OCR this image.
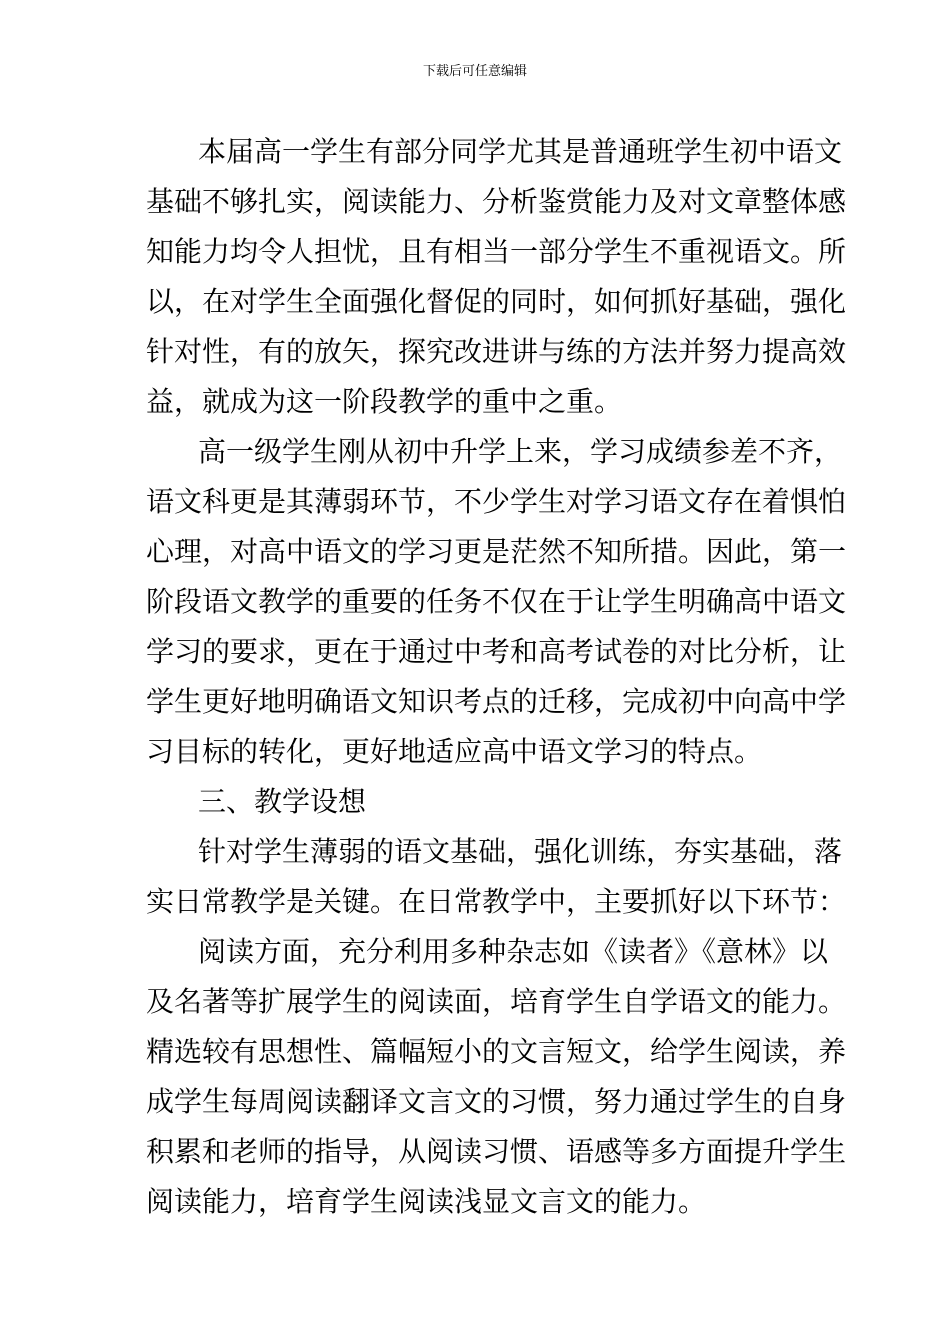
下载后可任意编辑
本届高一学生有部分同学尤其是普通班学生初中语文
基础不够扎实，阅读能力、分析鉴赏能力及对文章整体感
知能力均令人担忧，且有相当一部分学生不重视语文。所
以，在对学生全面强化督促的同时，如何抓好基础，强化
针对性，有的放矢，探究改进讲与练的方法并努力提高效
益，就成为这一阶段教学的重中之重。
高一级学生刚从初中升学上来，学习成绩参差不齐，
语文科更是其薄弱环节，不少学生对学习语文存在着惧怕
心理，对高中语文的学习更是茫然不知所措。因此，第一
阶段语文教学的重要的任务不仅在于让学生明确高中语文
学习的要求，更在于通过中考和高考试卷的对比分析，让
学生更好地明确语文知识考点的迁移，完成初中向高中学
习目标的转化，更好地适应高中语文学习的特点。
三、教学设想
针对学生薄弱的语文基础，强化训练，夯实基础，落
实日常教学是关键。在日常教学中，主要抓好以下环节：
阅读方面，充分利用多种杂志如《读者》《意林》以
及名著等扩展学生的阅读面，培育学生自学语文的能力。
精选较有思想性、篇幅短小的文言短文，给学生阅读，养
成学生每周阅读翻译文言文的习惯，努力通过学生的自身
积累和老师的指导，从阅读习惯、语感等多方面提升学生
阅读能力，培育学生阅读浅显文言文的能力。
